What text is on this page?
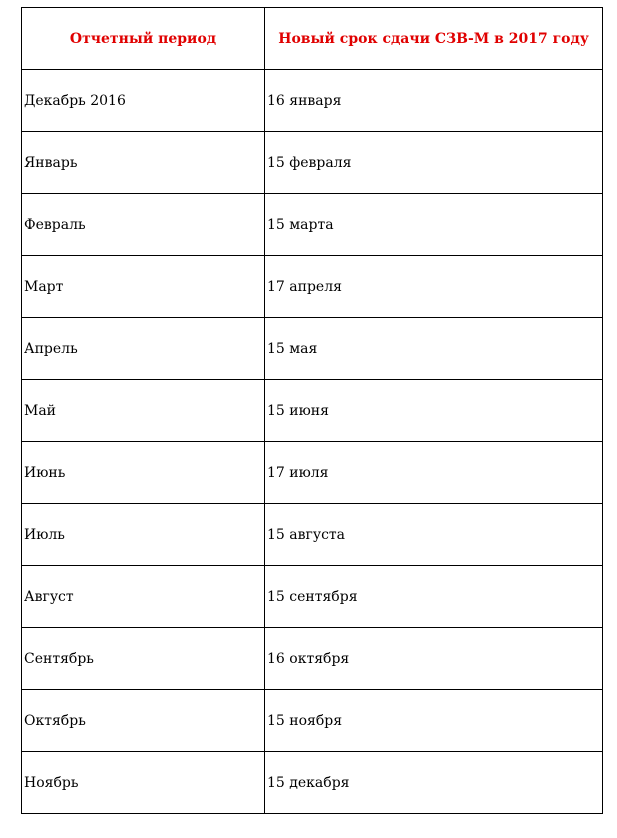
Отчетный период	Новый срок сдачи СЗВ-М в 2017 году
Декабрь 2016	16 января
Январь	15 февраля
Февраль	15 марта
Март	17 апреля
Апрель	15 мая
Май	15 июня
Июнь	17 июля
Июль	15 августа
Август	15 сентября
Сентябрь	16 октября
Октябрь	15 ноября
Ноябрь	15 декабря
